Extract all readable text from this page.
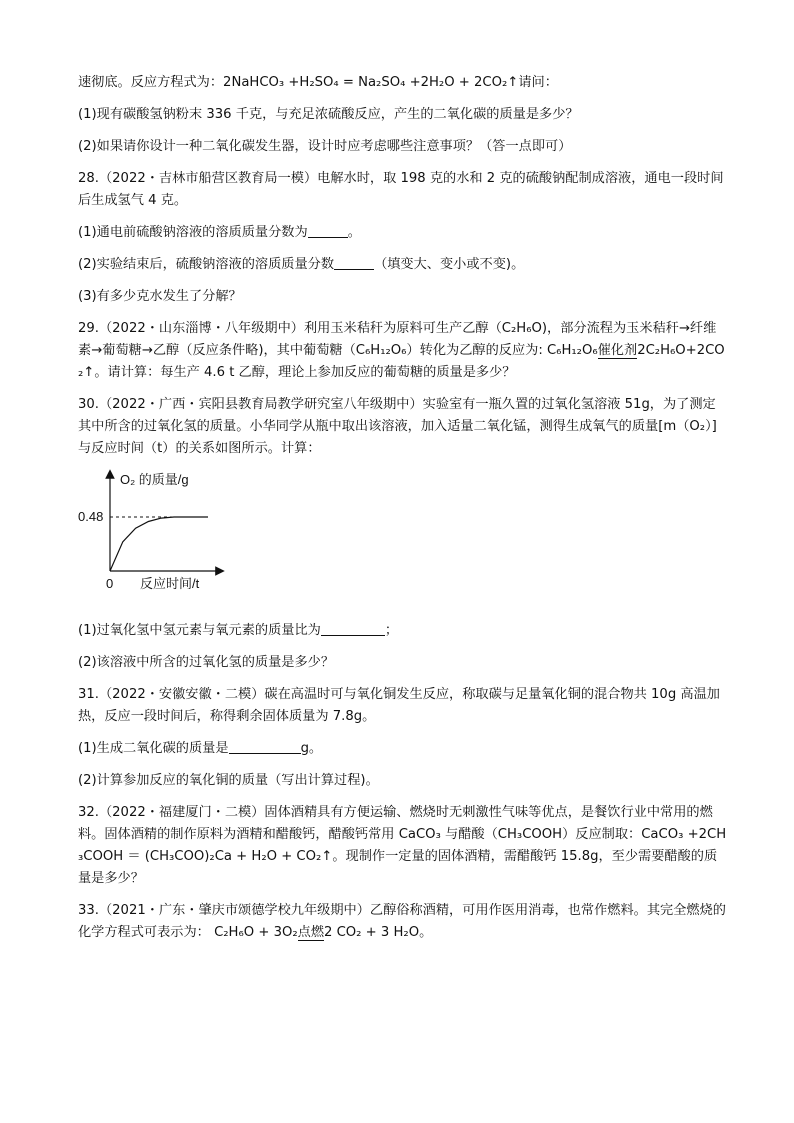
速彻底。反应方程式为：2NaHCO₃ +H₂SO₄ = Na₂SO₄ +2H₂O + 2CO₂↑请问：

(1)现有碳酸氢钠粉末 336 千克，与充足浓硫酸反应，产生的二氧化碳的质量是多少？

(2)如果请你设计一种二氧化碳发生器，设计时应考虑哪些注意事项？（答一点即可）

28.（2022・吉林市船营区教育局一模）电解水时，取 198 克的水和 2 克的硫酸钠配制成溶液，通电一段时间后生成氢气 4 克。

(1)通电前硫酸钠溶液的溶质质量分数为	。

(2)实验结束后，硫酸钠溶液的溶质质量分数	（填变大、变小或不变)。

(3)有多少克水发生了分解？

29.（2022・山东淄博・八年级期中）利用玉米秸秆为原料可生产乙醇（C₂H₆O)，部分流程为玉米秸秆→纤维素→葡萄糖→乙醇（反应条件略)，其中葡萄糖（C₆H₁₂O₆）转化为乙醇的反应为: C₆H₁₂O₆催化剂2C₂H₆O+2CO₂↑。请计算：每生产 4.6 t 乙醇，理论上参加反应的葡萄糖的质量是多少？

30.（2022・广西・宾阳县教育局教学研究室八年级期中）实验室有一瓶久置的过氧化氢溶液 51g，为了测定其中所含的过氧化氢的质量。小华同学从瓶中取出该溶液，加入适量二氧化锰，测得生成氧气的质量[m（O₂）]与反应时间（t）的关系如图所示。计算：

(1)过氧化氢中氢元素与氧元素的质量比为	；

(2)该溶液中所含的过氧化氢的质量是多少？

31.（2022・安徽安徽・二模）碳在高温时可与氧化铜发生反应，称取碳与足量氧化铜的混合物共 10g 高温加热，反应一段时间后，称得剩余固体质量为 7.8g。

(1)生成二氧化碳的质量是	g。

(2)计算参加反应的氧化铜的质量（写出计算过程)。

32.（2022・福建厦门・二模）固体酒精具有方便运输、燃烧时无刺激性气味等优点，是餐饮行业中常用的燃料。固体酒精的制作原料为酒精和醋酸钙，醋酸钙常用 CaCO₃ 与醋酸（CH₃COOH）反应制取：CaCO₃ +2CH₃COOH ＝ (CH₃COO)₂Ca + H₂O + CO₂↑。现制作一定量的固体酒精，需醋酸钙 15.8g，至少需要醋酸的质量是多少？

33.（2021・广东・肇庆市颂德学校九年级期中）乙醇俗称酒精，可用作医用消毒，也常作燃料。其完全燃烧的化学方程式可表示为： C₂H₆O + 3O₂点燃2 CO₂ + 3 H₂O。

O₂ 的质量/g
0.48
0 反应时间/t
